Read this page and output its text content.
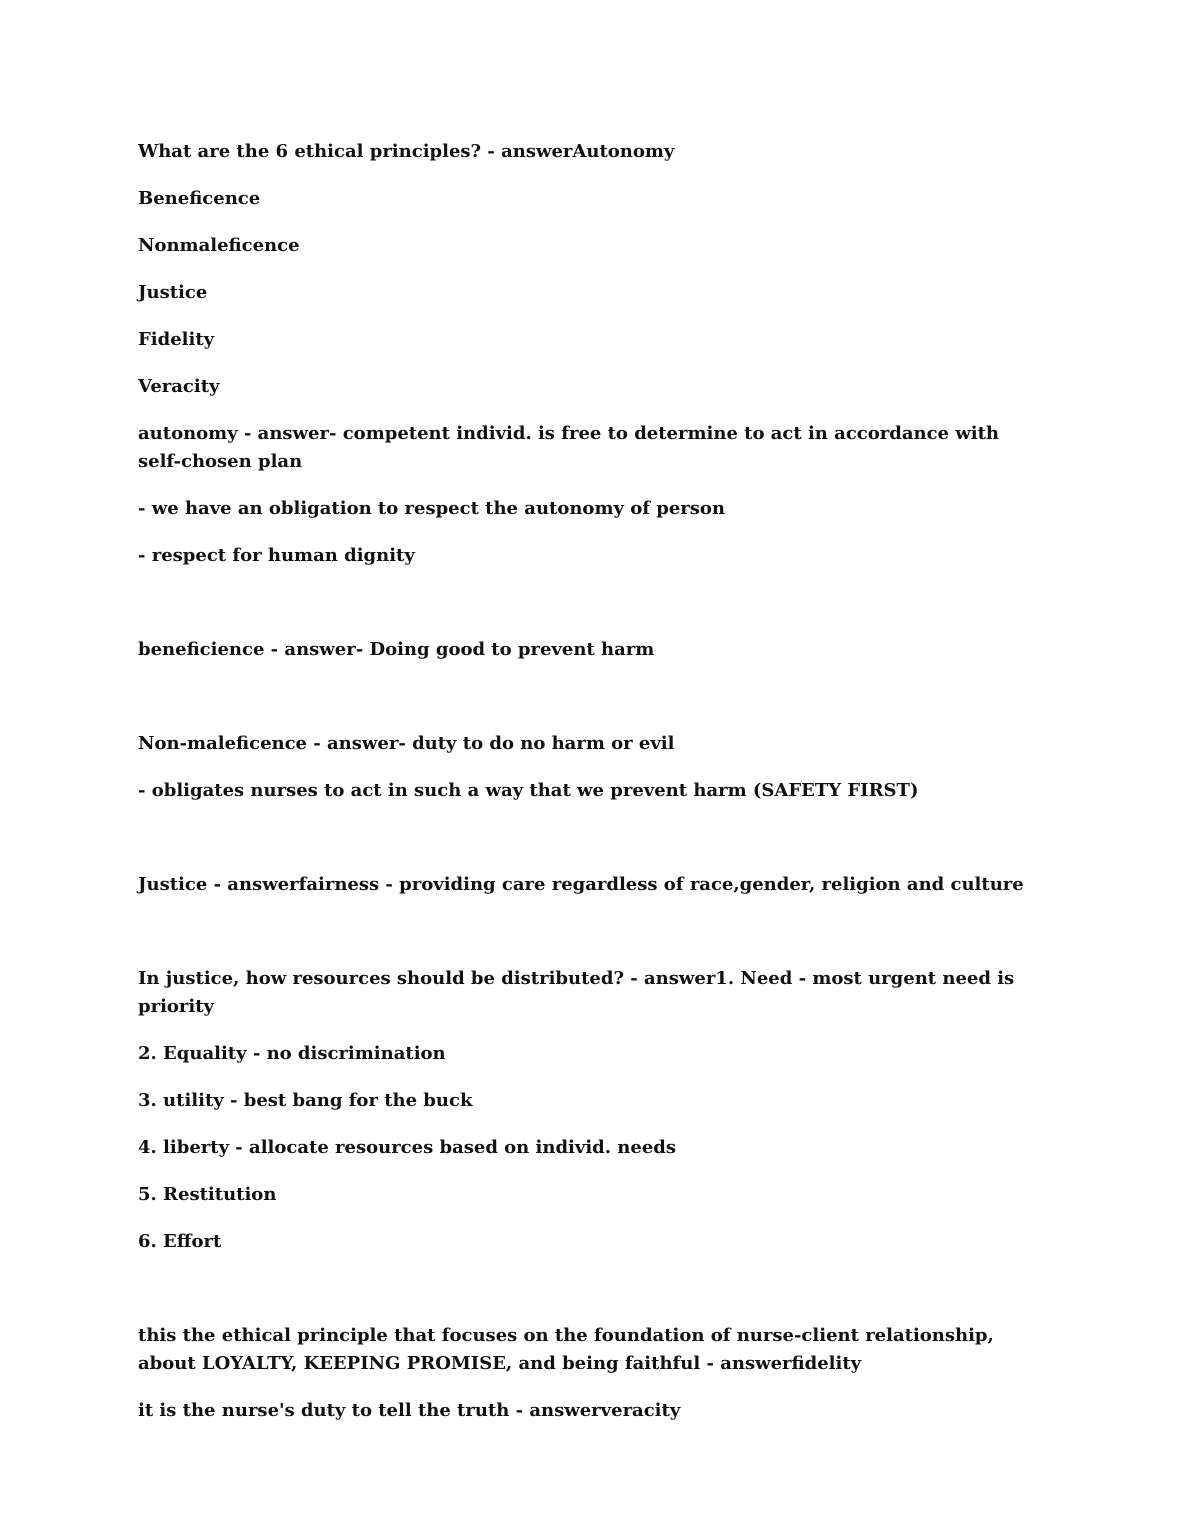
What are the 6 ethical principles? - answerAutonomy

Beneficence

Nonmaleficence

Justice

Fidelity

Veracity

autonomy - answer- competent individ. is free to determine to act in accordance with self-chosen plan

- we have an obligation to respect the autonomy of person

- respect for human dignity

beneficience - answer- Doing good to prevent harm

Non-maleficence - answer- duty to do no harm or evil

- obligates nurses to act in such a way that we prevent harm (SAFETY FIRST)

Justice - answerfairness - providing care regardless of race,gender, religion and culture

In justice, how resources should be distributed? - answer1. Need - most urgent need is priority

2. Equality - no discrimination

3. utility - best bang for the buck

4. liberty - allocate resources based on individ. needs

5. Restitution

6. Effort

this the ethical principle that focuses on the foundation of nurse-client relationship, about LOYALTY, KEEPING PROMISE, and being faithful - answerfidelity

it is the nurse's duty to tell the truth - answerveracity
